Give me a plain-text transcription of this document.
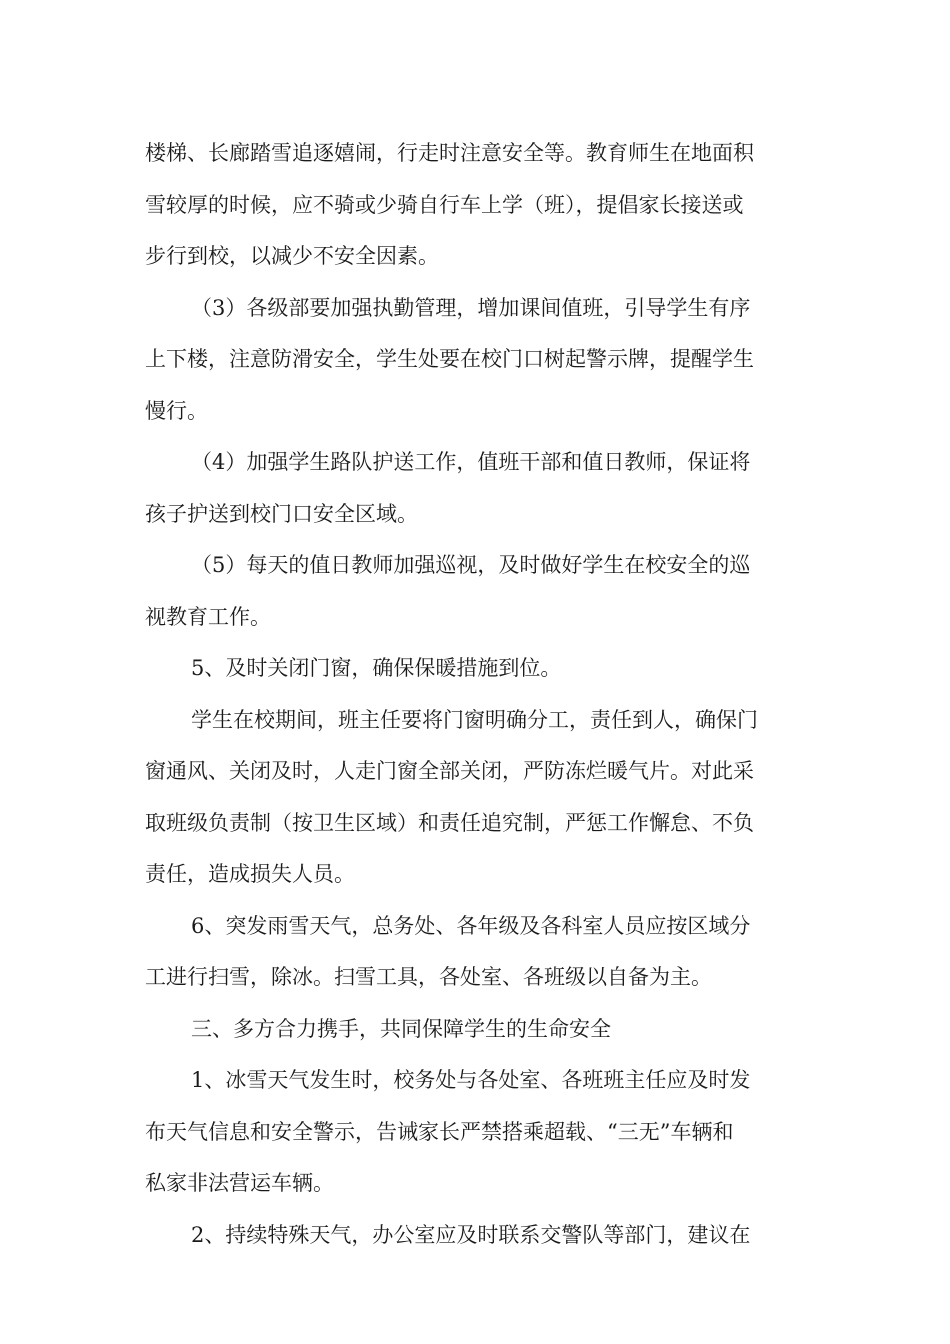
楼梯、长廊踏雪追逐嬉闹，行走时注意安全等。教育师生在地面积
雪较厚的时候，应不骑或少骑自行车上学（班），提倡家长接送或
步行到校，以减少不安全因素。
（3）各级部要加强执勤管理，增加课间值班，引导学生有序
上下楼，注意防滑安全，学生处要在校门口树起警示牌，提醒学生
慢行。
（4）加强学生路队护送工作，值班干部和值日教师，保证将
孩子护送到校门口安全区域。
（5）每天的值日教师加强巡视，及时做好学生在校安全的巡
视教育工作。
5、及时关闭门窗，确保保暖措施到位。
学生在校期间，班主任要将门窗明确分工，责任到人，确保门
窗通风、关闭及时，人走门窗全部关闭，严防冻烂暖气片。对此采
取班级负责制（按卫生区域）和责任追究制，严惩工作懈怠、不负
责任，造成损失人员。
6、突发雨雪天气，总务处、各年级及各科室人员应按区域分
工进行扫雪，除冰。扫雪工具，各处室、各班级以自备为主。
三、多方合力携手，共同保障学生的生命安全
1、冰雪天气发生时，校务处与各处室、各班班主任应及时发
布天气信息和安全警示，告诫家长严禁搭乘超载、“三无”车辆和
私家非法营运车辆。
2、持续特殊天气，办公室应及时联系交警队等部门，建议在
